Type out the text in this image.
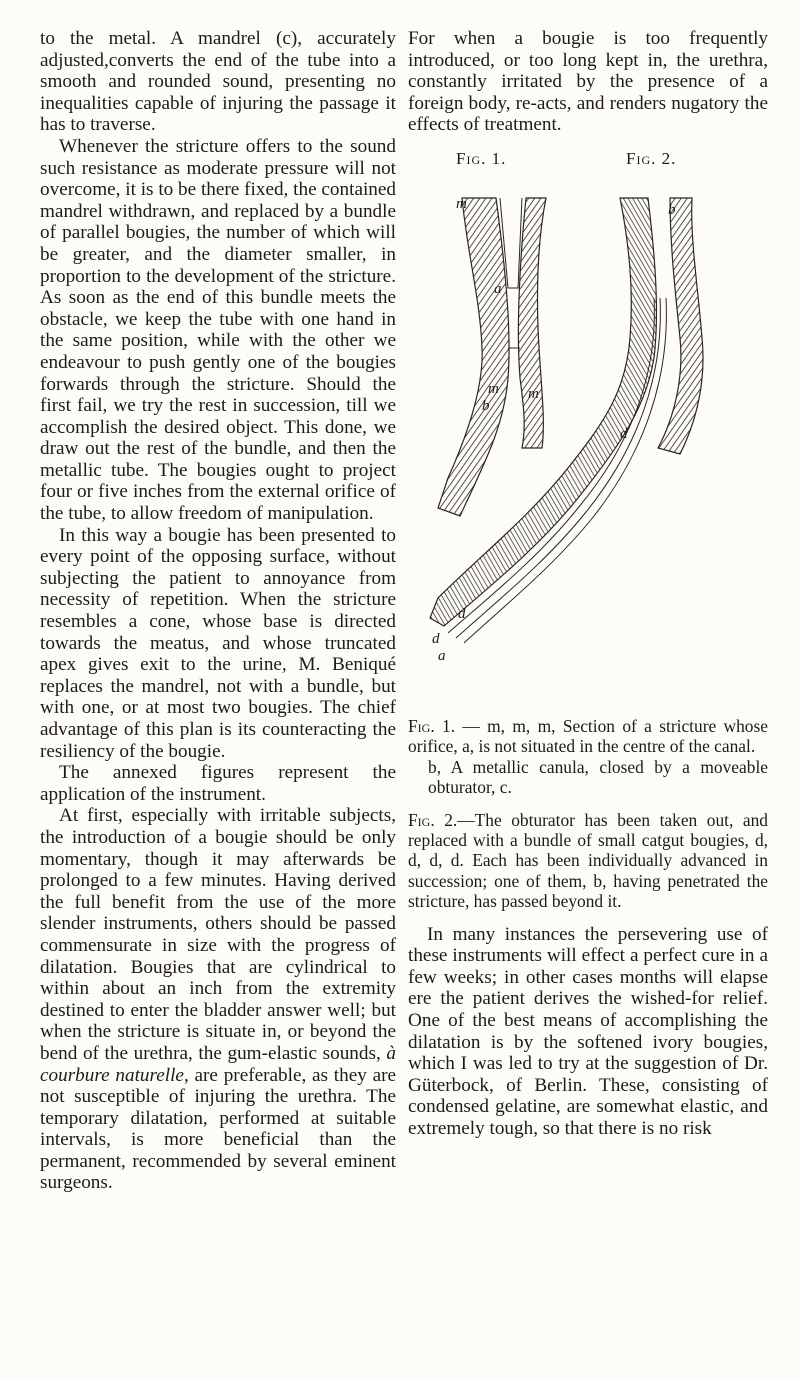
to the metal. A mandrel (c), accurately adjusted,converts the end of the tube into a smooth and rounded sound, presenting no inequalities capable of injuring the passage it has to traverse.

Whenever the stricture offers to the sound such resistance as moderate pressure will not overcome, it is to be there fixed, the contained mandrel withdrawn, and replaced by a bundle of parallel bougies, the number of which will be greater, and the diameter smaller, in proportion to the development of the stricture. As soon as the end of this bundle meets the obstacle, we keep the tube with one hand in the same position, while with the other we endeavour to push gently one of the bougies forwards through the stricture. Should the first fail, we try the rest in succession, till we accomplish the desired object. This done, we draw out the rest of the bundle, and then the metallic tube. The bougies ought to project four or five inches from the external orifice of the tube, to allow freedom of manipulation.

In this way a bougie has been presented to every point of the opposing surface, without subjecting the patient to annoyance from necessity of repetition. When the stricture resembles a cone, whose base is directed towards the meatus, and whose truncated apex gives exit to the urine, M. Beniqué replaces the mandrel, not with a bundle, but with one, or at most two bougies. The chief advantage of this plan is its counteracting the resiliency of the bougie.

The annexed figures represent the application of the instrument.

At first, especially with irritable subjects, the introduction of a bougie should be only momentary, though it may afterwards be prolonged to a few minutes. Having derived the full benefit from the use of the more slender instruments, others should be passed commensurate in size with the progress of dilatation. Bougies that are cylindrical to within about an inch from the extremity destined to enter the bladder answer well; but when the stricture is situate in, or beyond the bend of the urethra, the gum-elastic sounds, à courbure naturelle, are preferable, as they are not susceptible of injuring the urethra. The temporary dilatation, performed at suitable intervals, is more beneficial than the permanent, recommended by several eminent surgeons.

For when a bougie is too frequently introduced, or too long kept in, the urethra, constantly irritated by the presence of a foreign body, re-acts, and renders nugatory the effects of treatment.

Fig. 1.	Fig. 2.
m
a
m m
b
b
d
d
d
a
Fig. 1. — m, m, m, Section of a stricture whose orifice, a, is not situated in the centre of the canal.
b, A metallic canula, closed by a moveable obturator, c.
Fig. 2.—The obturator has been taken out, and replaced with a bundle of small catgut bougies, d, d, d, d. Each has been individually advanced in succession; one of them, b, having penetrated the stricture, has passed beyond it.

In many instances the persevering use of these instruments will effect a perfect cure in a few weeks; in other cases months will elapse ere the patient derives the wished-for relief. One of the best means of accomplishing the dilatation is by the softened ivory bougies, which I was led to try at the suggestion of Dr. Güterbock, of Berlin. These, consisting of condensed gelatine, are somewhat elastic, and extremely tough, so that there is no risk
